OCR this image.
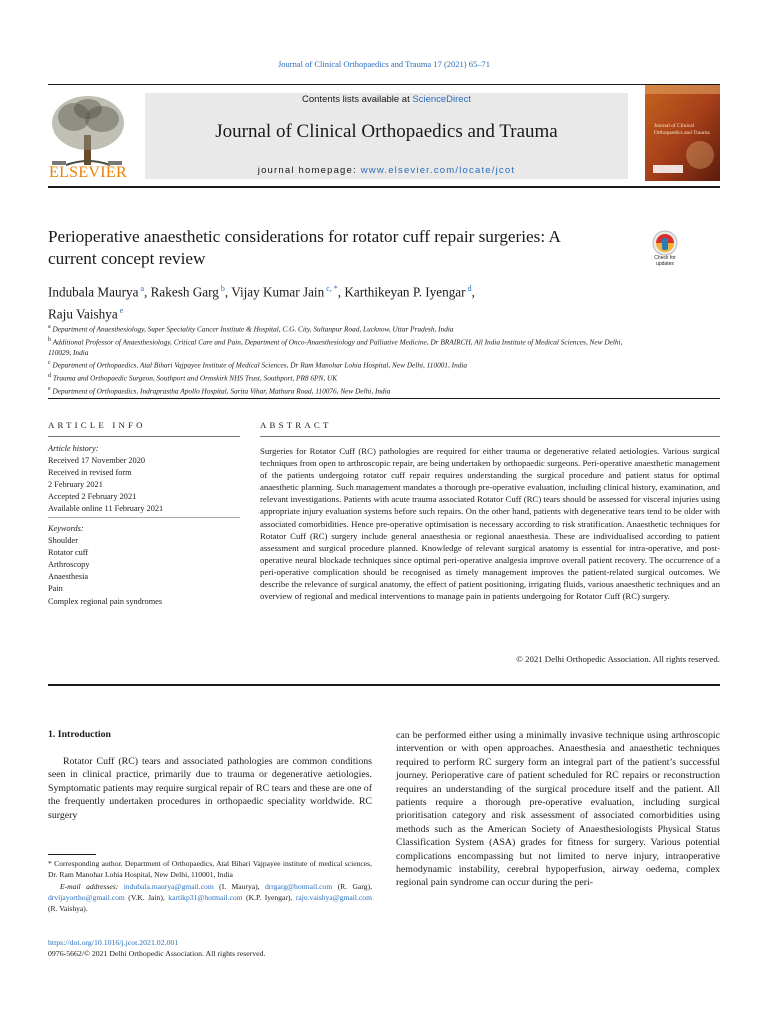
Journal of Clinical Orthopaedics and Trauma 17 (2021) 65–71
ELSEVIER
Contents lists available at ScienceDirect
Journal of Clinical Orthopaedics and Trauma
journal homepage: www.elsevier.com/locate/jcot
Journal of Clinical Orthopaedics and Trauma
Perioperative anaesthetic considerations for rotator cuff repair surgeries: A current concept review	Check for updates
Indubala Maurya $^a$, Rakesh Garg $^b$, Vijay Kumar Jain $^{c, *}$, Karthikeyan P. Iyengar $^d$,
Raju Vaishya $^e$
$^a$ Department of Anaesthesiology, Super Speciality Cancer Institute & Hospital, C.G. City, Sultanpur Road, Lucknow, Uttar Pradesh, India
$^b$ Additional Professor of Anaesthesiology, Critical Care and Pain, Department of Onco-Anaesthesiology and Palliative Medicine, Dr BRAIRCH, All India Institute of Medical Sciences, New Delhi, 110029, India
$^c$ Department of Orthopaedics, Atal Bihari Vajpayee Institute of Medical Sciences, Dr Ram Manohar Lohia Hospital, New Delhi, 110001, India
$^d$ Trauma and Orthopaedic Surgeon, Southport and Ormskirk NHS Trust, Southport, PR8 6PN, UK
$^e$ Department of Orthopaedics, Indraprastha Apollo Hospital, Sarita Vihar, Mathura Road, 110076, New Delhi, India
ARTICLE INFO	ABSTRACT
Article history:
Received 17 November 2020
Received in revised form
2 February 2021
Accepted 2 February 2021
Available online 11 February 2021
Keywords:
Shoulder
Rotator cuff
Arthroscopy
Anaesthesia
Pain
Complex regional pain syndromes
Surgeries for Rotator Cuff (RC) pathologies are required for either trauma or degenerative related aetiologies. Various surgical techniques from open to arthroscopic repair, are being undertaken by orthopaedic surgeons. Peri-operative anaesthetic management of the patients undergoing rotator cuff repair requires understanding the surgical procedure and patient status for optimal anaesthetic planning. Such management mandates a thorough pre-operative evaluation, including clinical history, examination, and relevant investigations. Patients with acute trauma associated Rotator Cuff (RC) tears should be assessed for visceral injuries using appropriate injury evaluation systems before such repairs. On the other hand, patients with degenerative tears tend to be older with associated comorbidities. Hence pre-operative optimisation is necessary according to risk stratification. Anaesthetic techniques for Rotator Cuff (RC) surgery include general anaesthesia or regional anaesthesia. These are individualised according to patient assessment and surgical procedure planned. Knowledge of relevant surgical anatomy is essential for intra-operative, and post-operative neural blockade techniques since optimal peri-operative analgesia improve overall patient recovery. The occurrence of a peri-operative complication should be recognised as timely management improves the patient-related surgical outcomes. We describe the relevance of surgical anatomy, the effect of patient positioning, irrigating fluids, various anaesthetic techniques and an overview of regional and medical interventions to manage pain in patients undergoing for Rotator Cuff (RC) surgery.
© 2021 Delhi Orthopedic Association. All rights reserved.
1. Introduction

Rotator Cuff (RC) tears and associated pathologies are common conditions seen in clinical practice, primarily due to trauma or degenerative aetiologies. Symptomatic patients may require surgical repair of RC tears and these are one of the frequently undertaken procedures in orthopaedic speciality worldwide. RC surgery

can be performed either using a minimally invasive technique using arthroscopic intervention or with open approaches. Anaesthesia and anaesthetic techniques required to perform RC surgery form an integral part of the patient’s successful journey. Perioperative care of patient scheduled for RC repairs or reconstruction requires an understanding of the surgical procedure itself and the patient. All patients require a thorough pre-operative evaluation, including surgical prioritisation category and risk assessment of associated comorbidities using methods such as the American Society of Anaesthesiologists Physical Status Classification System (ASA) grades for fitness for surgery. Various potential complications encompassing but not limited to nerve injury, intraoperative hemodynamic instability, cerebral hypoperfusion, airway oedema, complex regional pain syndrome can occur during the peri-

* Corresponding author. Department of Orthopaedics, Atal Bihari Vajpayee institute of medical sciences, Dr. Ram Manohar Lohia Hospital, New Delhi, 110001, India
E-mail addresses: indubala.maurya@gmail.com (I. Maurya), drrgarg@hotmail.com (R. Garg), drvijayortho@gmail.com (V.K. Jain), kartikp31@hotmail.com (K.P. Iyengar), raju.vaishya@gmail.com (R. Vaishya).
https://doi.org/10.1016/j.jcot.2021.02.001
0976-5662/© 2021 Delhi Orthopedic Association. All rights reserved.
